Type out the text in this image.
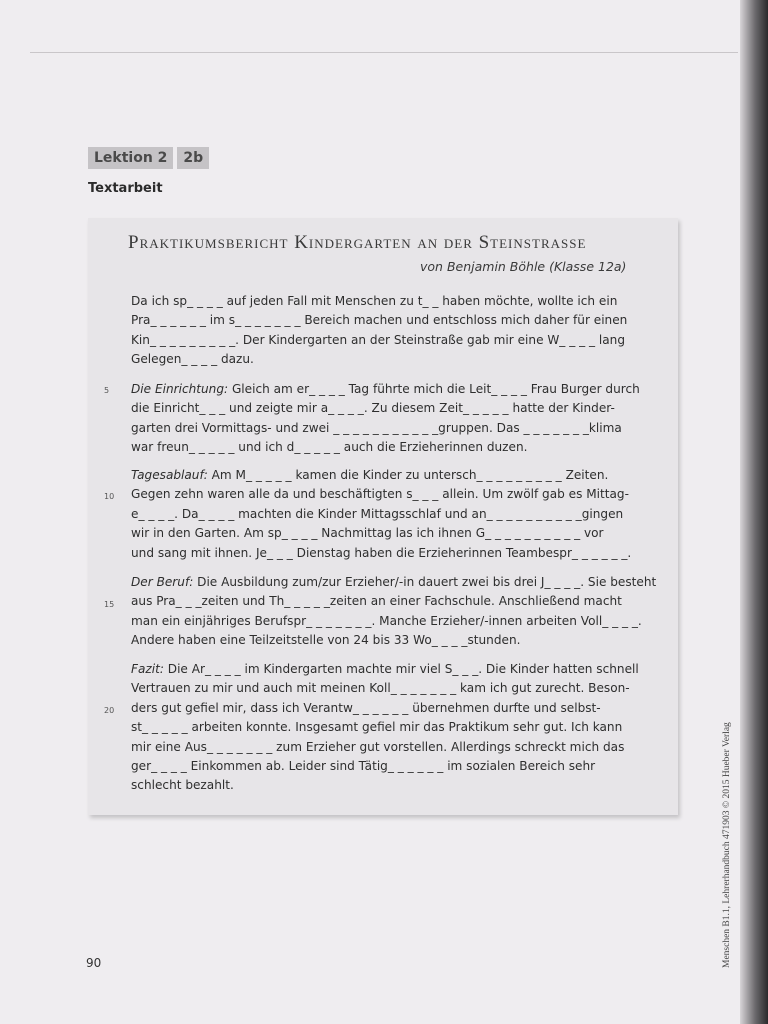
Lektion 2	2b
Textarbeit
Praktikumsbericht Kindergarten an der Steinstrasse
von Benjamin Böhle (Klasse 12a)
Da ich sp_ _ _ _ auf jeden Fall mit Menschen zu t_ _ haben möchte, wollte ich ein
Pra_ _ _ _ _ _ im s_ _ _ _ _ _ _ Bereich machen und entschloss mich daher für einen
Kin_ _ _ _ _ _ _ _ _. Der Kindergarten an der Steinstraße gab mir eine W_ _ _ _ lang
Gelegen_ _ _ _ dazu.
Die Einrichtung: Gleich am er_ _ _ _ Tag führte mich die Leit_ _ _ _ Frau Burger durch
die Einricht_ _ _ und zeigte mir a_ _ _ _. Zu diesem Zeit_ _ _ _ _ hatte der Kinder-
garten drei Vormittags- und zwei _ _ _ _ _ _ _ _ _ _ _gruppen. Das _ _ _ _ _ _ _klima
war freun_ _ _ _ _ und ich d_ _ _ _ _ auch die Erzieherinnen duzen.
Tagesablauf: Am M_ _ _ _ _ kamen die Kinder zu untersch_ _ _ _ _ _ _ _ _ Zeiten.
Gegen zehn waren alle da und beschäftigten s_ _ _ allein. Um zwölf gab es Mittag-
e_ _ _ _. Da_ _ _ _ machten die Kinder Mittagsschlaf und an_ _ _ _ _ _ _ _ _ _gingen
wir in den Garten. Am sp_ _ _ _ Nachmittag las ich ihnen G_ _ _ _ _ _ _ _ _ _ vor
und sang mit ihnen. Je_ _ _ Dienstag haben die Erzieherinnen Teambespr_ _ _ _ _ _.
Der Beruf: Die Ausbildung zum/zur Erzieher/-in dauert zwei bis drei J_ _ _ _. Sie besteht
aus Pra_ _ _zeiten und Th_ _ _ _ _zeiten an einer Fachschule. Anschließend macht
man ein einjähriges Berufspr_ _ _ _ _ _ _. Manche Erzieher/-innen arbeiten Voll_ _ _ _.
Andere haben eine Teilzeitstelle von 24 bis 33 Wo_ _ _ _stunden.
Fazit: Die Ar_ _ _ _ im Kindergarten machte mir viel S_ _ _. Die Kinder hatten schnell
Vertrauen zu mir und auch mit meinen Koll_ _ _ _ _ _ _ kam ich gut zurecht. Beson-
ders gut gefiel mir, dass ich Verantw_ _ _ _ _ _ übernehmen durfte und selbst-
st_ _ _ _ _ arbeiten konnte. Insgesamt gefiel mir das Praktikum sehr gut. Ich kann
mir eine Aus_ _ _ _ _ _ _ zum Erzieher gut vorstellen. Allerdings schreckt mich das
ger_ _ _ _ Einkommen ab. Leider sind Tätig_ _ _ _ _ _ im sozialen Bereich sehr
schlecht bezahlt.
5
10
15
20
90	Menschen B1.1, Lehrerhandbuch 471903 © 2015 Hueber Verlag
